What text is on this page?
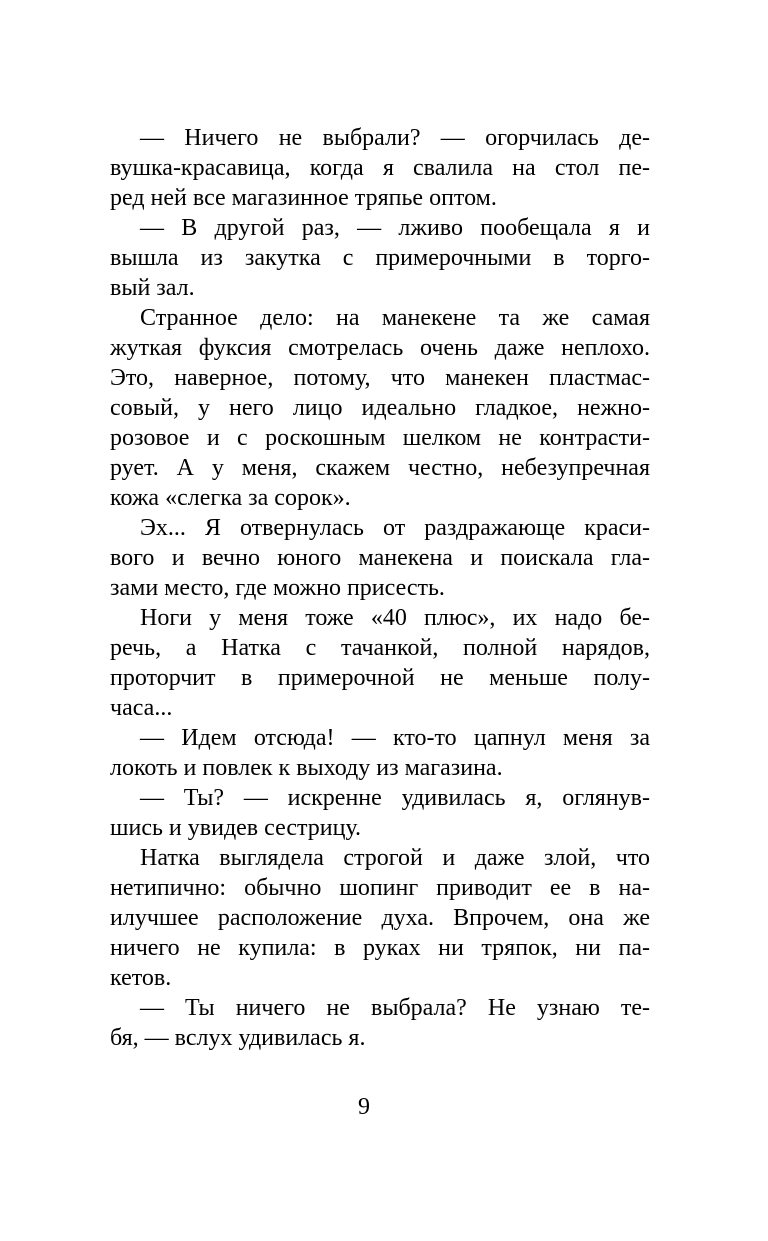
— Ничего не выбрали? — огорчилась де-
вушка-красавица, когда я свалила на стол пе-
ред ней все магазинное тряпье оптом.
— В другой раз, — лживо пообещала я и
вышла из закутка с примерочными в торго-
вый зал.
Странное дело: на манекене та же самая
жуткая фуксия смотрелась очень даже неплохо.
Это, наверное, потому, что манекен пластмас-
совый, у него лицо идеально гладкое, нежно-
розовое и с роскошным шелком не контрасти-
рует. А у меня, скажем честно, небезупречная
кожа «слегка за сорок».
Эх... Я отвернулась от раздражающе краси-
вого и вечно юного манекена и поискала гла-
зами место, где можно присесть.
Ноги у меня тоже «40 плюс», их надо бе-
речь, а Натка с тачанкой, полной нарядов,
проторчит в примерочной не меньше полу-
часа...
— Идем отсюда! — кто-то цапнул меня за
локоть и повлек к выходу из магазина.
— Ты? — искренне удивилась я, оглянув-
шись и увидев сестрицу.
Натка выглядела строгой и даже злой, что
нетипично: обычно шопинг приводит ее в на-
илучшее расположение духа. Впрочем, она же
ничего не купила: в руках ни тряпок, ни па-
кетов.
— Ты ничего не выбрала? Не узнаю те-
бя, — вслух удивилась я.
9
